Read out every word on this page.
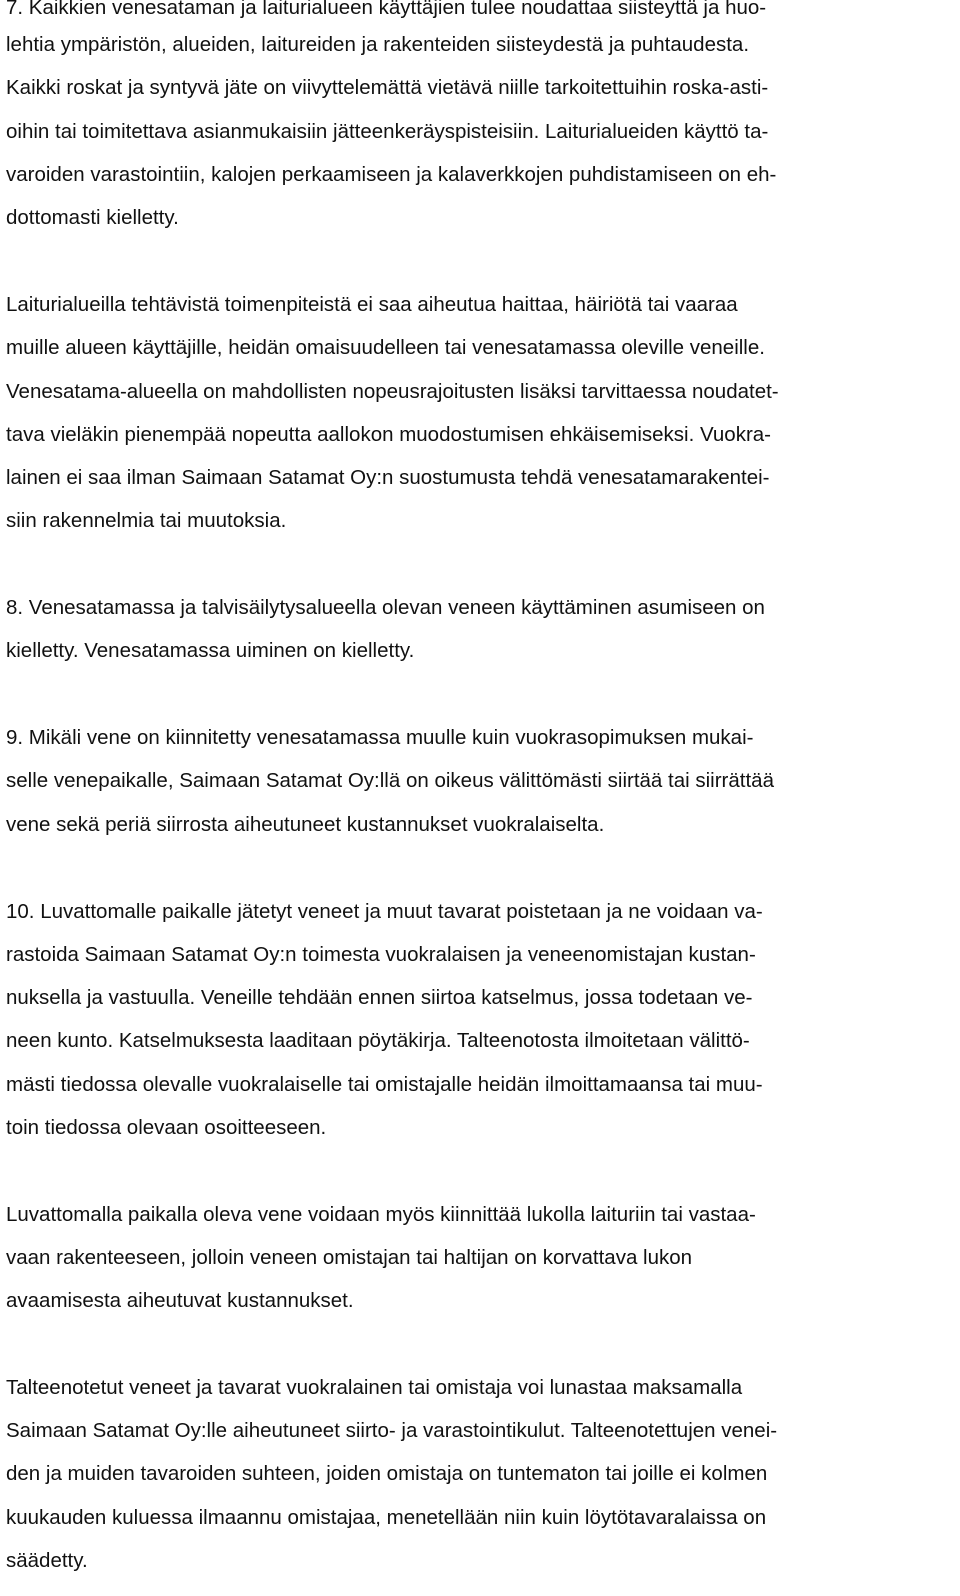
7. Kaikkien venesataman ja laiturialueen käyttäjien tulee noudattaa siisteyttä ja huo-

lehtia ympäristön, alueiden, laitureiden ja rakenteiden siisteydestä ja puhtaudesta.

Kaikki roskat ja syntyvä jäte on viivyttelemättä vietävä niille tarkoitettuihin roska-asti-

oihin tai toimitettava asianmukaisiin jätteenkeräyspisteisiin. Laiturialueiden käyttö ta-

varoiden varastointiin, kalojen perkaamiseen ja kalaverkkojen puhdistamiseen on eh-

dottomasti kielletty.

Laiturialueilla tehtävistä toimenpiteistä ei saa aiheutua haittaa, häiriötä tai vaaraa

muille alueen käyttäjille, heidän omaisuudelleen tai venesatamassa oleville veneille.

Venesatama-alueella on mahdollisten nopeusrajoitusten lisäksi tarvittaessa noudatet-

tava vieläkin pienempää nopeutta aallokon muodostumisen ehkäisemiseksi. Vuokra-

lainen ei saa ilman Saimaan Satamat Oy:n suostumusta tehdä venesatamarakentei-

siin rakennelmia tai muutoksia.

8. Venesatamassa ja talvisäilytysalueella olevan veneen käyttäminen asumiseen on

kielletty. Venesatamassa uiminen on kielletty.

9. Mikäli vene on kiinnitetty venesatamassa muulle kuin vuokrasopimuksen mukai-

selle venepaikalle, Saimaan Satamat Oy:llä on oikeus välittömästi siirtää tai siirrättää

vene sekä periä siirrosta aiheutuneet kustannukset vuokralaiselta.

10. Luvattomalle paikalle jätetyt veneet ja muut tavarat poistetaan ja ne voidaan va-

rastoida Saimaan Satamat Oy:n toimesta vuokralaisen ja veneenomistajan kustan-

nuksella ja vastuulla. Veneille tehdään ennen siirtoa katselmus, jossa todetaan ve-

neen kunto. Katselmuksesta laaditaan pöytäkirja. Talteenotosta ilmoitetaan välittö-

mästi tiedossa olevalle vuokralaiselle tai omistajalle heidän ilmoittamaansa tai muu-

toin tiedossa olevaan osoitteeseen.

Luvattomalla paikalla oleva vene voidaan myös kiinnittää lukolla laituriin tai vastaa-

vaan rakenteeseen, jolloin veneen omistajan tai haltijan on korvattava lukon

avaamisesta aiheutuvat kustannukset.

Talteenotetut veneet ja tavarat vuokralainen tai omistaja voi lunastaa maksamalla

Saimaan Satamat Oy:lle aiheutuneet siirto- ja varastointikulut. Talteenotettujen venei-

den ja muiden tavaroiden suhteen, joiden omistaja on tuntematon tai joille ei kolmen

kuukauden kuluessa ilmaannu omistajaa, menetellään niin kuin löytötavaralaissa on

säädetty.
